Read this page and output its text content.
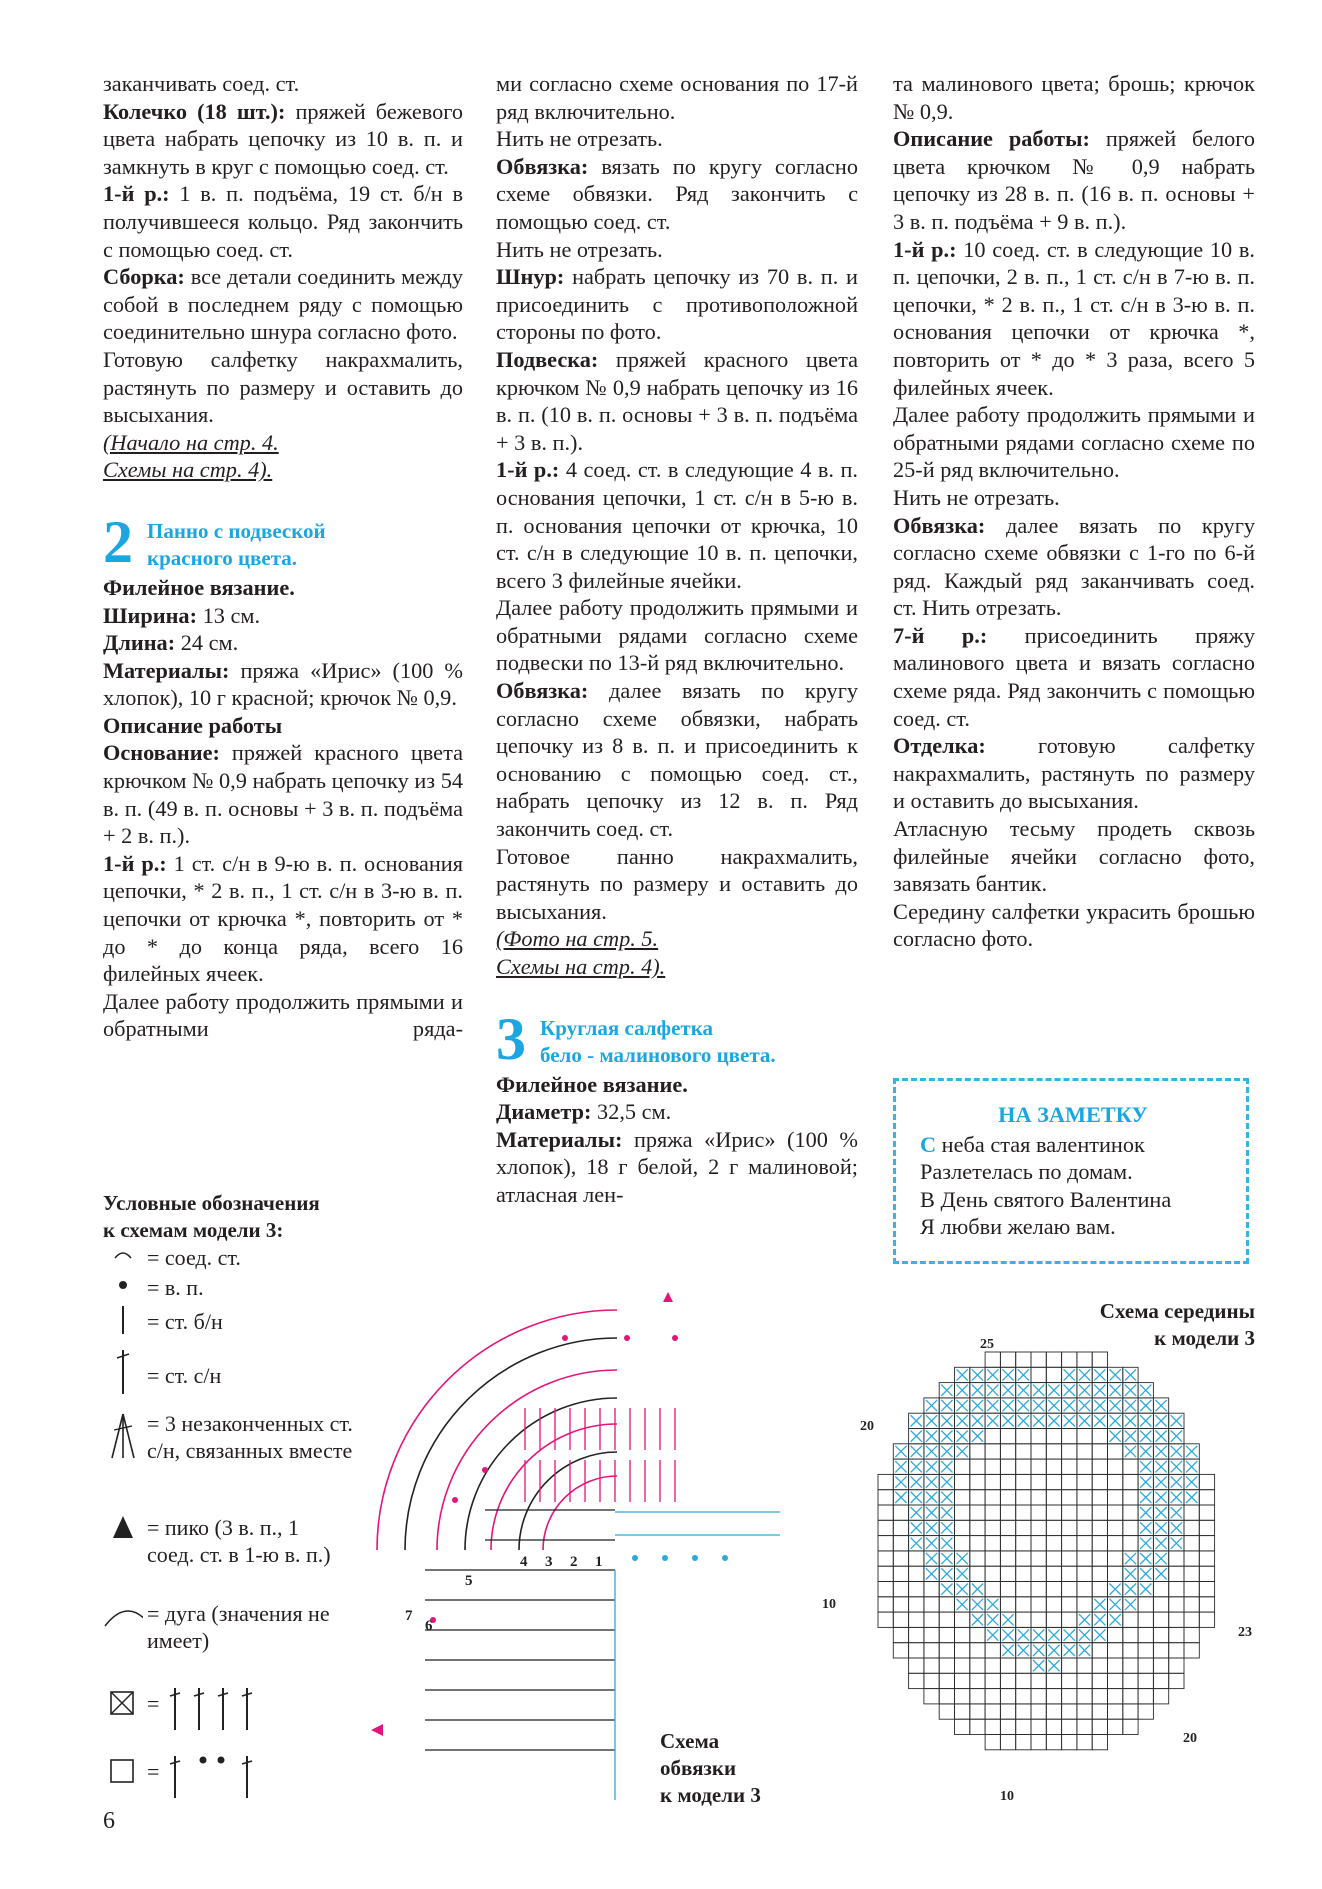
заканчивать соед. ст.

Колечко (18 шт.): пряжей бежевого цвета набрать цепочку из 10 в. п. и замкнуть в круг с помощью соед. ст.

1-й р.: 1 в. п. подъёма, 19 ст. б/н в получившееся кольцо. Ряд закончить с помощью соед. ст.

Сборка: все детали соединить между собой в последнем ряду с помощью соединительно шнура согласно фото.

Готовую салфетку накрахмалить, растянуть по размеру и оставить до высыхания.

(Начало на стр. 4.

Схемы на стр. 4).

2 Панно с подвеской
красного цвета.

Филейное вязание.

Ширина: 13 см.

Длина: 24 см.

Материалы: пряжа «Ирис» (100 % хлопок), 10 г красной; крючок № 0,9.

Описание работы

Основание: пряжей красного цвета крючком № 0,9 набрать цепочку из 54 в. п. (49 в. п. основы + 3 в. п. подъёма + 2 в. п.).

1-й р.: 1 ст. с/н в 9-ю в. п. основания цепочки, * 2 в. п., 1 ст. с/н в 3-ю в. п. цепочки от крючка *, повторить от * до * до конца ряда, всего 16 филейных ячеек.

Далее работу продолжить прямыми и обратными ряда-

ми согласно схеме основания по 17-й ряд включительно.

Нить не отрезать.

Обвязка: вязать по кругу согласно схеме обвязки. Ряд закончить с помощью соед. ст.

Нить не отрезать.

Шнур: набрать цепочку из 70 в. п. и присоединить с противоположной стороны по фото.

Подвеска: пряжей красного цвета крючком № 0,9 набрать цепочку из 16 в. п. (10 в. п. основы + 3 в. п. подъёма + 3 в. п.).

1-й р.: 4 соед. ст. в следующие 4 в. п. основания цепочки, 1 ст. с/н в 5-ю в. п. основания цепочки от крючка, 10 ст. с/н в следующие 10 в. п. цепочки, всего 3 филейные ячейки.

Далее работу продолжить прямыми и обратными рядами согласно схеме подвески по 13-й ряд включительно.

Обвязка: далее вязать по кругу согласно схеме обвязки, набрать цепочку из 8 в. п. и присоединить к основанию с помощью соед. ст., набрать цепочку из 12 в. п. Ряд закончить соед. ст.

Готовое панно накрахмалить, растянуть по размеру и оставить до высыхания.

(Фото на стр. 5.

Схемы на стр. 4).

3 Круглая салфетка
бело - малинового цвета.

Филейное вязание.

Диаметр: 32,5 см.

Материалы: пряжа «Ирис» (100 % хлопок), 18 г белой, 2 г малиновой; атласная лен-

та малинового цвета; брошь; крючок № 0,9.

Описание работы: пряжей белого цвета крючком № 0,9 набрать цепочку из 28 в. п. (16 в. п. основы + 3 в. п. подъёма + 9 в. п.).

1-й р.: 10 соед. ст. в следующие 10 в. п. цепочки, 2 в. п., 1 ст. с/н в 7-ю в. п. цепочки, * 2 в. п., 1 ст. с/н в 3-ю в. п. основания цепочки от крючка *, повторить от * до * 3 раза, всего 5 филейных ячеек.

Далее работу продолжить прямыми и обратными рядами согласно схеме по 25-й ряд включительно.

Нить не отрезать.

Обвязка: далее вязать по кругу согласно схеме обвязки с 1-го по 6-й ряд. Каждый ряд заканчивать соед. ст. Нить отрезать.

7-й р.: присоединить пряжу малинового цвета и вязать согласно схеме ряда. Ряд закончить с помощью соед. ст.

Отделка: готовую салфетку накрахмалить, растянуть по размеру и оставить до высыхания.

Атласную тесьму продеть сквозь филейные ячейки согласно фото, завязать бантик.

Середину салфетки украсить брошью согласно фото.

НА ЗАМЕТКУ
С неба стая валентинок
Разлетелась по домам.
В День святого Валентина
Я любви желаю вам.
Условные обозначения
к схемам модели 3:
= соед. ст.
= в. п.
= ст. б/н
= ст. с/н
= 3 незаконченных ст. с/н, связанных вместе
= пико (3 в. п., 1 соед. ст. в 1-ю в. п.)
= дуга (значения не имеет)
=
=
1
2
3
4
5
6
7
Схема
обвязки
к модели 3
Схема середины
к модели 3
25
20
10
23
20
10
6
